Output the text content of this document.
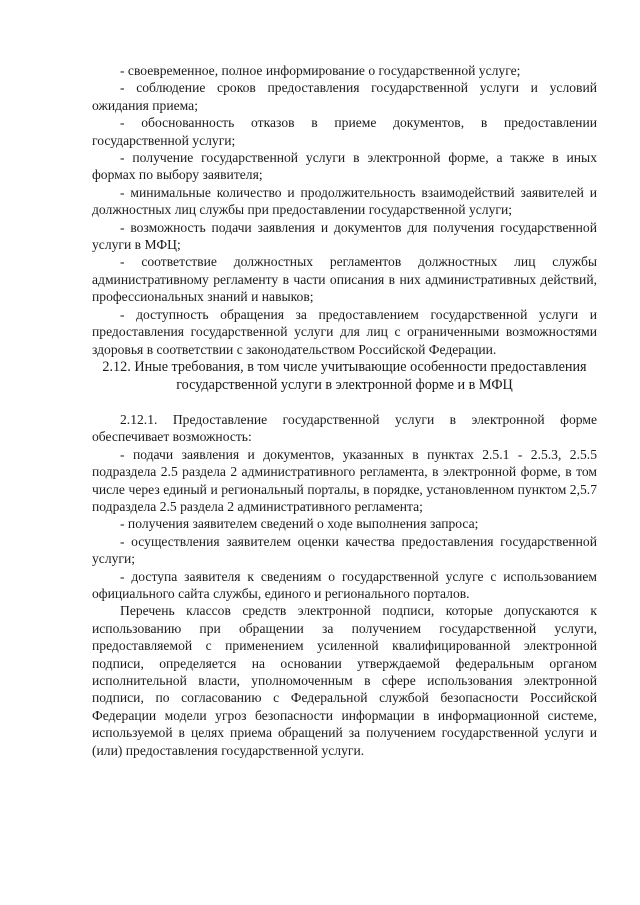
- своевременное, полное информирование о государственной услуге;

- соблюдение сроков предоставления государственной услуги и условий ожидания приема;

- обоснованность отказов в приеме документов, в предоставлении государственной услуги;

- получение государственной услуги в электронной форме, а также в иных формах по выбору заявителя;

- минимальные количество и продолжительность взаимодействий заявителей и должностных лиц службы при предоставлении государственной услуги;

- возможность подачи заявления и документов для получения государственной услуги в МФЦ;

- соответствие должностных регламентов должностных лиц службы административному регламенту в части описания в них административных действий, профессиональных знаний и навыков;

- доступность обращения за предоставлением государственной услуги и предоставления государственной услуги для лиц с ограниченными возможностями здоровья в соответствии с законодательством Российской Федерации.

2.12. Иные требования, в том числе учитывающие особенности предоставления государственной услуги в электронной форме и в МФЦ

2.12.1. Предоставление государственной услуги в электронной форме обеспечивает возможность:

- подачи заявления и документов, указанных в пунктах 2.5.1 - 2.5.3, 2.5.5 подраздела 2.5 раздела 2 административного регламента, в электронной форме, в том числе через единый и региональный порталы, в порядке, установленном пунктом 2,5.7 подраздела 2.5 раздела 2 административного регламента;

- получения заявителем сведений о ходе выполнения запроса;

- осуществления заявителем оценки качества предоставления государственной услуги;

- доступа заявителя к сведениям о государственной услуге с использованием официального сайта службы, единого и регионального порталов.

Перечень классов средств электронной подписи, которые допускаются к использованию при обращении за получением государственной услуги, предоставляемой с применением усиленной квалифицированной электронной подписи, определяется на основании утверждаемой федеральным органом исполнительной власти, уполномоченным в сфере использования электронной подписи, по согласованию с Федеральной службой безопасности Российской Федерации модели угроз безопасности информации в информационной системе, используемой в целях приема обращений за получением государственной услуги и (или) предоставления государственной услуги.
